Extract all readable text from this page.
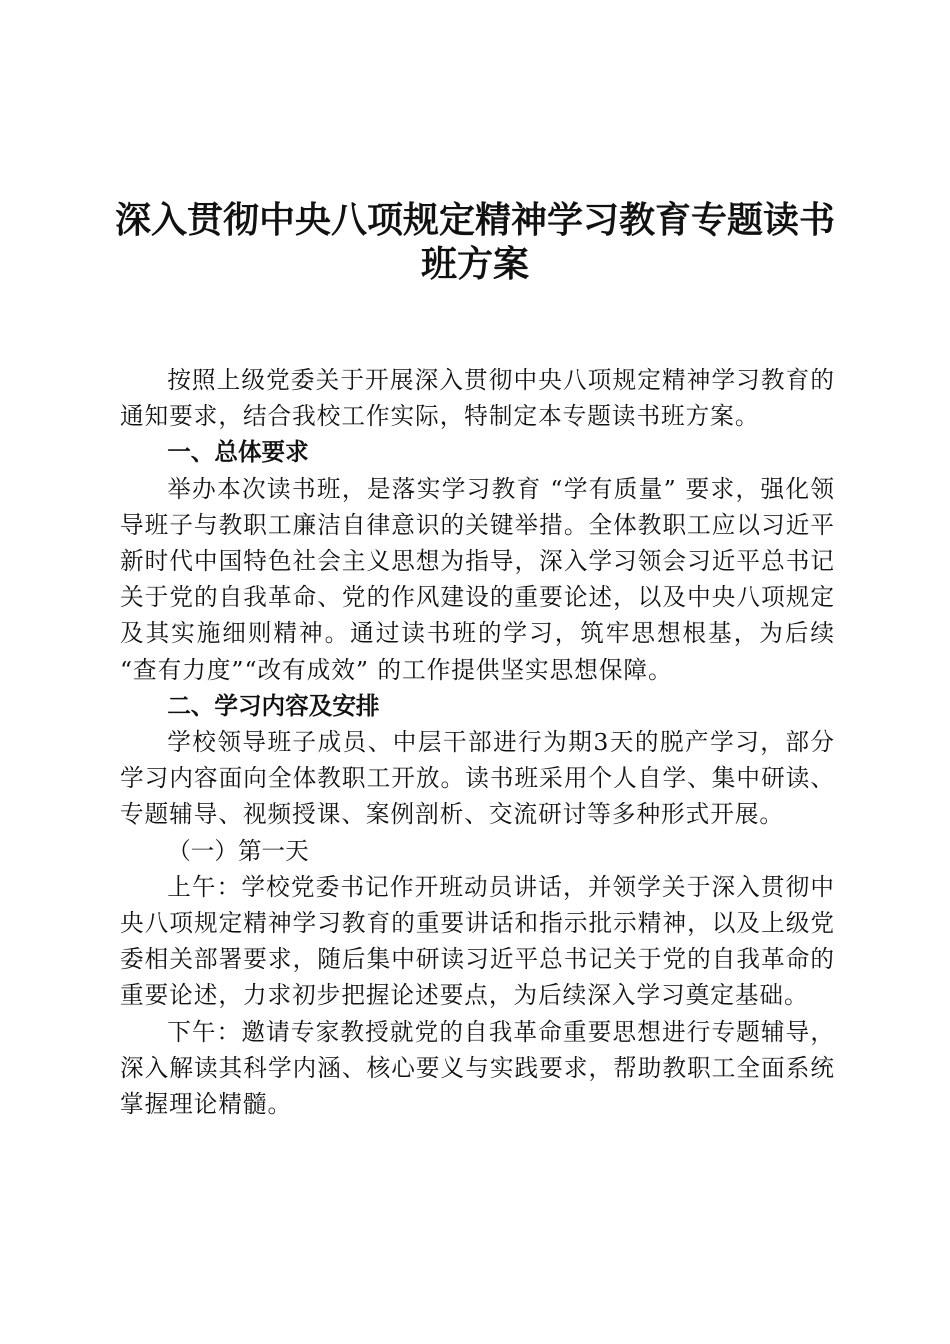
深入贯彻中央八项规定精神学习教育专题读书
班方案

按照上级党委关于开展深入贯彻中央八项规定精神学习教育的通知要求，结合我校工作实际，特制定本专题读书班方案。

一、总体要求

举办本次读书班，是落实学习教育 “学有质量” 要求，强化领导班子与教职工廉洁自律意识的关键举措。全体教职工应以习近平新时代中国特色社会主义思想为指导，深入学习领会习近平总书记关于党的自我革命、党的作风建设的重要论述，以及中央八项规定及其实施细则精神。通过读书班的学习，筑牢思想根基，为后续 “查有力度”“改有成效” 的工作提供坚实思想保障。

二、学习内容及安排

学校领导班子成员、中层干部进行为期3天的脱产学习，部分学习内容面向全体教职工开放。读书班采用个人自学、集中研读、专题辅导、视频授课、案例剖析、交流研讨等多种形式开展。

（一）第一天

上午：学校党委书记作开班动员讲话，并领学关于深入贯彻中央八项规定精神学习教育的重要讲话和指示批示精神，以及上级党委相关部署要求，随后集中研读习近平总书记关于党的自我革命的重要论述，力求初步把握论述要点，为后续深入学习奠定基础。

下午：邀请专家教授就党的自我革命重要思想进行专题辅导，深入解读其科学内涵、核心要义与实践要求，帮助教职工全面系统掌握理论精髓。
